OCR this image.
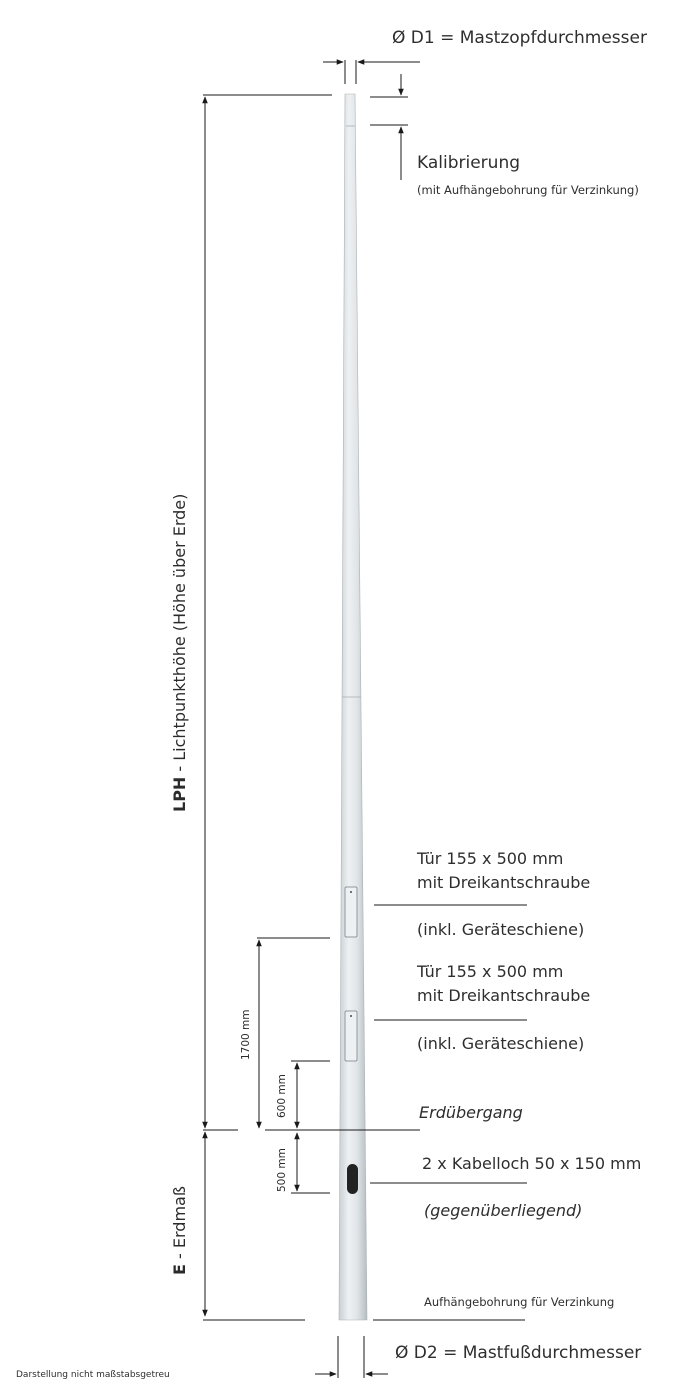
Ø D1 = Mastzopfdurchmesser
Kalibrierung
(mit Aufhängebohrung für Verzinkung)
Tür 155 x 500 mm
mit Dreikantschraube
(inkl. Geräteschiene)
Tür 155 x 500 mm
mit Dreikantschraube
(inkl. Geräteschiene)
Erdübergang
2 x Kabelloch 50 x 150 mm
(gegenüberliegend)
Aufhängebohrung für Verzinkung
Ø D2 = Mastfußdurchmesser
Darstellung nicht maßstabsgetreu
LPH - Lichtpunkthöhe (Höhe über Erde)
E - Erdmaß
1700 mm
600 mm
500 mm
